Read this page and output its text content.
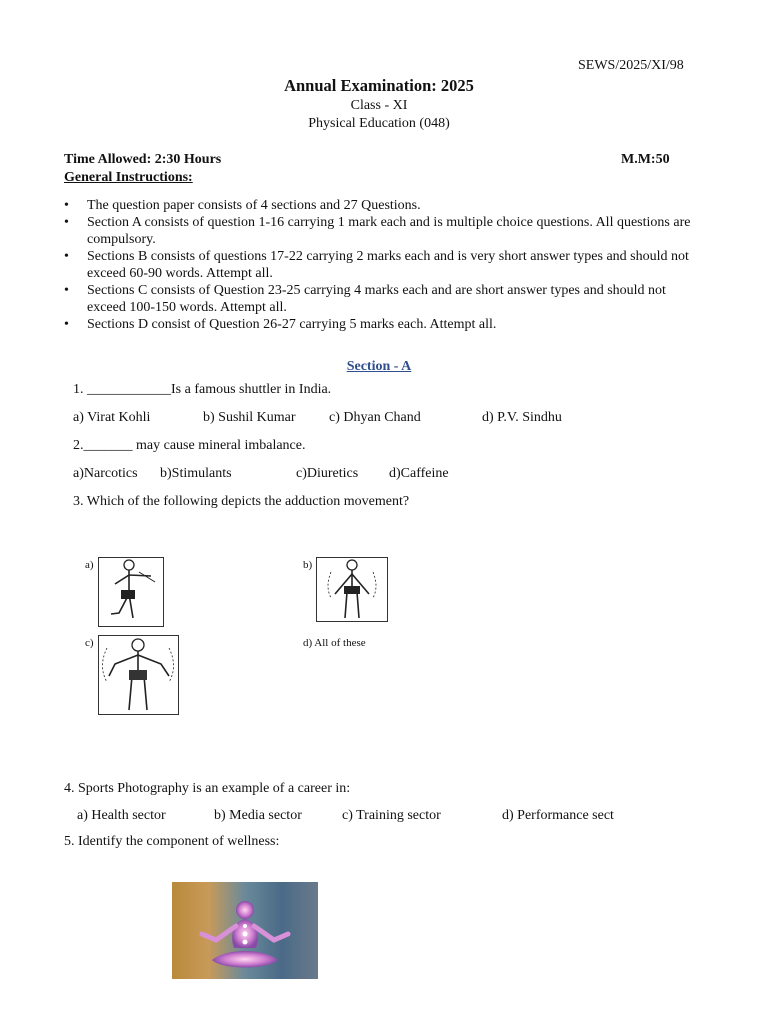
SEWS/2025/XI/98
Annual Examination: 2025
Class - XI
Physical Education (048)
Time Allowed: 2:30 Hours	M.M:50
General Instructions:
• The question paper consists of 4 sections and 27 Questions.
• Section A consists of question 1-16 carrying 1 mark each and is multiple choice questions. All questions are compulsory.
• Sections B consists of questions 17-22 carrying 2 marks each and is very short answer types and should not exceed 60-90 words. Attempt all.
• Sections C consists of Question 23-25 carrying 4 marks each and are short answer types and should not exceed 100-150 words. Attempt all.
• Sections D consist of Question 26-27 carrying 5 marks each. Attempt all.
Section - A
1. ____________Is a famous shuttler in India.
a) Virat Kohli	b) Sushil Kumar c) Dhyan Chand	d) P.V. Sindhu
2._______ may cause mineral imbalance.
a)Narcotics b)Stimulants	c)Diuretics d)Caffeine
3. Which of the following depicts the adduction movement?
a)	b)
c)	d) All of these
4. Sports Photography is an example of a career in:
a) Health sector	b) Media sector	c) Training sector	d) Performance sect
5. Identify the component of wellness:
